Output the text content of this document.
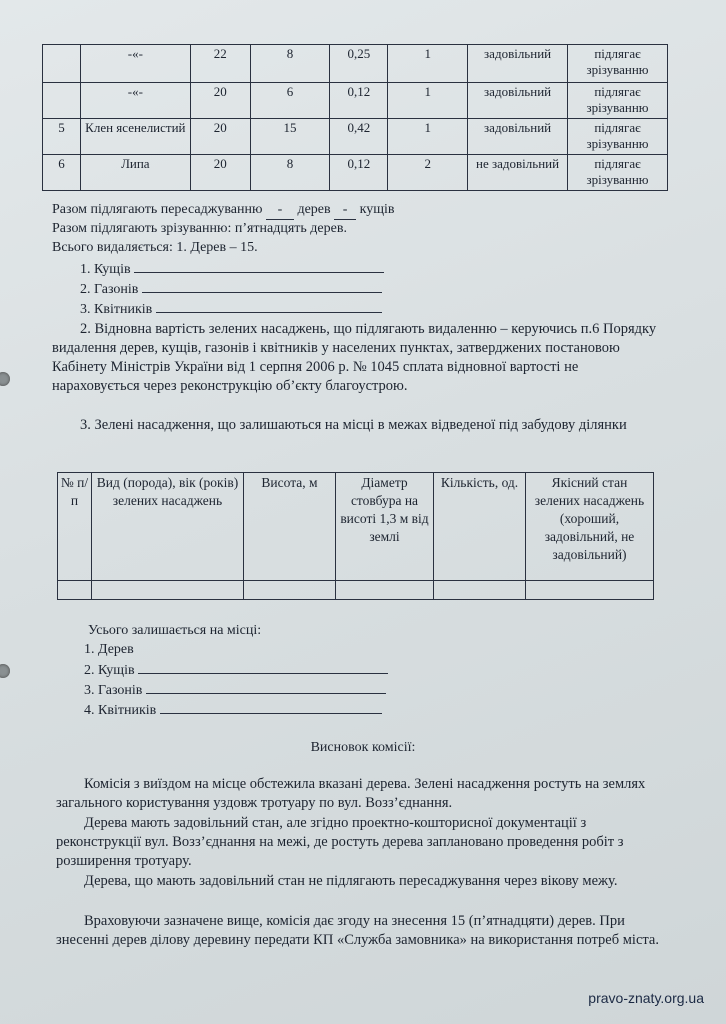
	-«-	22	8	0,25	1	задовільний	підлягає зрізуванню
	-«-	20	6	0,12	1	задовільний	підлягає зрізуванню
5	Клен ясенелистий	20	15	0,42	1	задовільний	підлягає зрізуванню
6	Липа	20	8	0,12	2	не задовільний	підлягає зрізуванню
Разом підлягають пересаджуванню - дерев - кущів
Разом підлягають зрізуванню: п’ятнадцять дерев.
Всього видаляється: 1. Дерев – 15.
1. Кущів
2. Газонів
3. Квітників
2. Відновна вартість зелених насаджень, що підлягають видаленню – керуючись п.6 Порядку видалення дерев, кущів, газонів і квітників у населених пунктах, затверджених постановою Кабінету Міністрів України від 1 серпня 2006 р. № 1045 сплата відновної вартості не нараховується через реконструкцію об’єкту благоустрою.
3. Зелені насадження, що залишаються на місці в межах відведеної під забудову ділянки
№ п/п	Вид (порода), вік (років) зелених насаджень	Висота, м	Діаметр стовбура на висоті 1,3 м від землі	Кількість, од.	Якісний стан зелених насаджень (хороший, задовільний, не задовільний)

Усього залишається на місці:
1. Дерев
2. Кущів
3. Газонів
4. Квітників
Висновок комісії:
Комісія з виїздом на місце обстежила вказані дерева. Зелені насадження ростуть на землях загального користування уздовж тротуару по вул. Возз’єднання.
Дерева мають задовільний стан, але згідно проектно-кошторисної документації з реконструкції вул. Возз’єднання на межі, де ростуть дерева заплановано проведення робіт з розширення тротуару.
Дерева, що мають задовільний стан не підлягають пересаджування через вікову межу.
Враховуючи зазначене вище, комісія дає згоду на знесення 15 (п’ятнадцяти) дерев. При знесенні дерев ділову деревину передати КП «Служба замовника» на використання потреб міста.
pravo-znaty.org.ua
